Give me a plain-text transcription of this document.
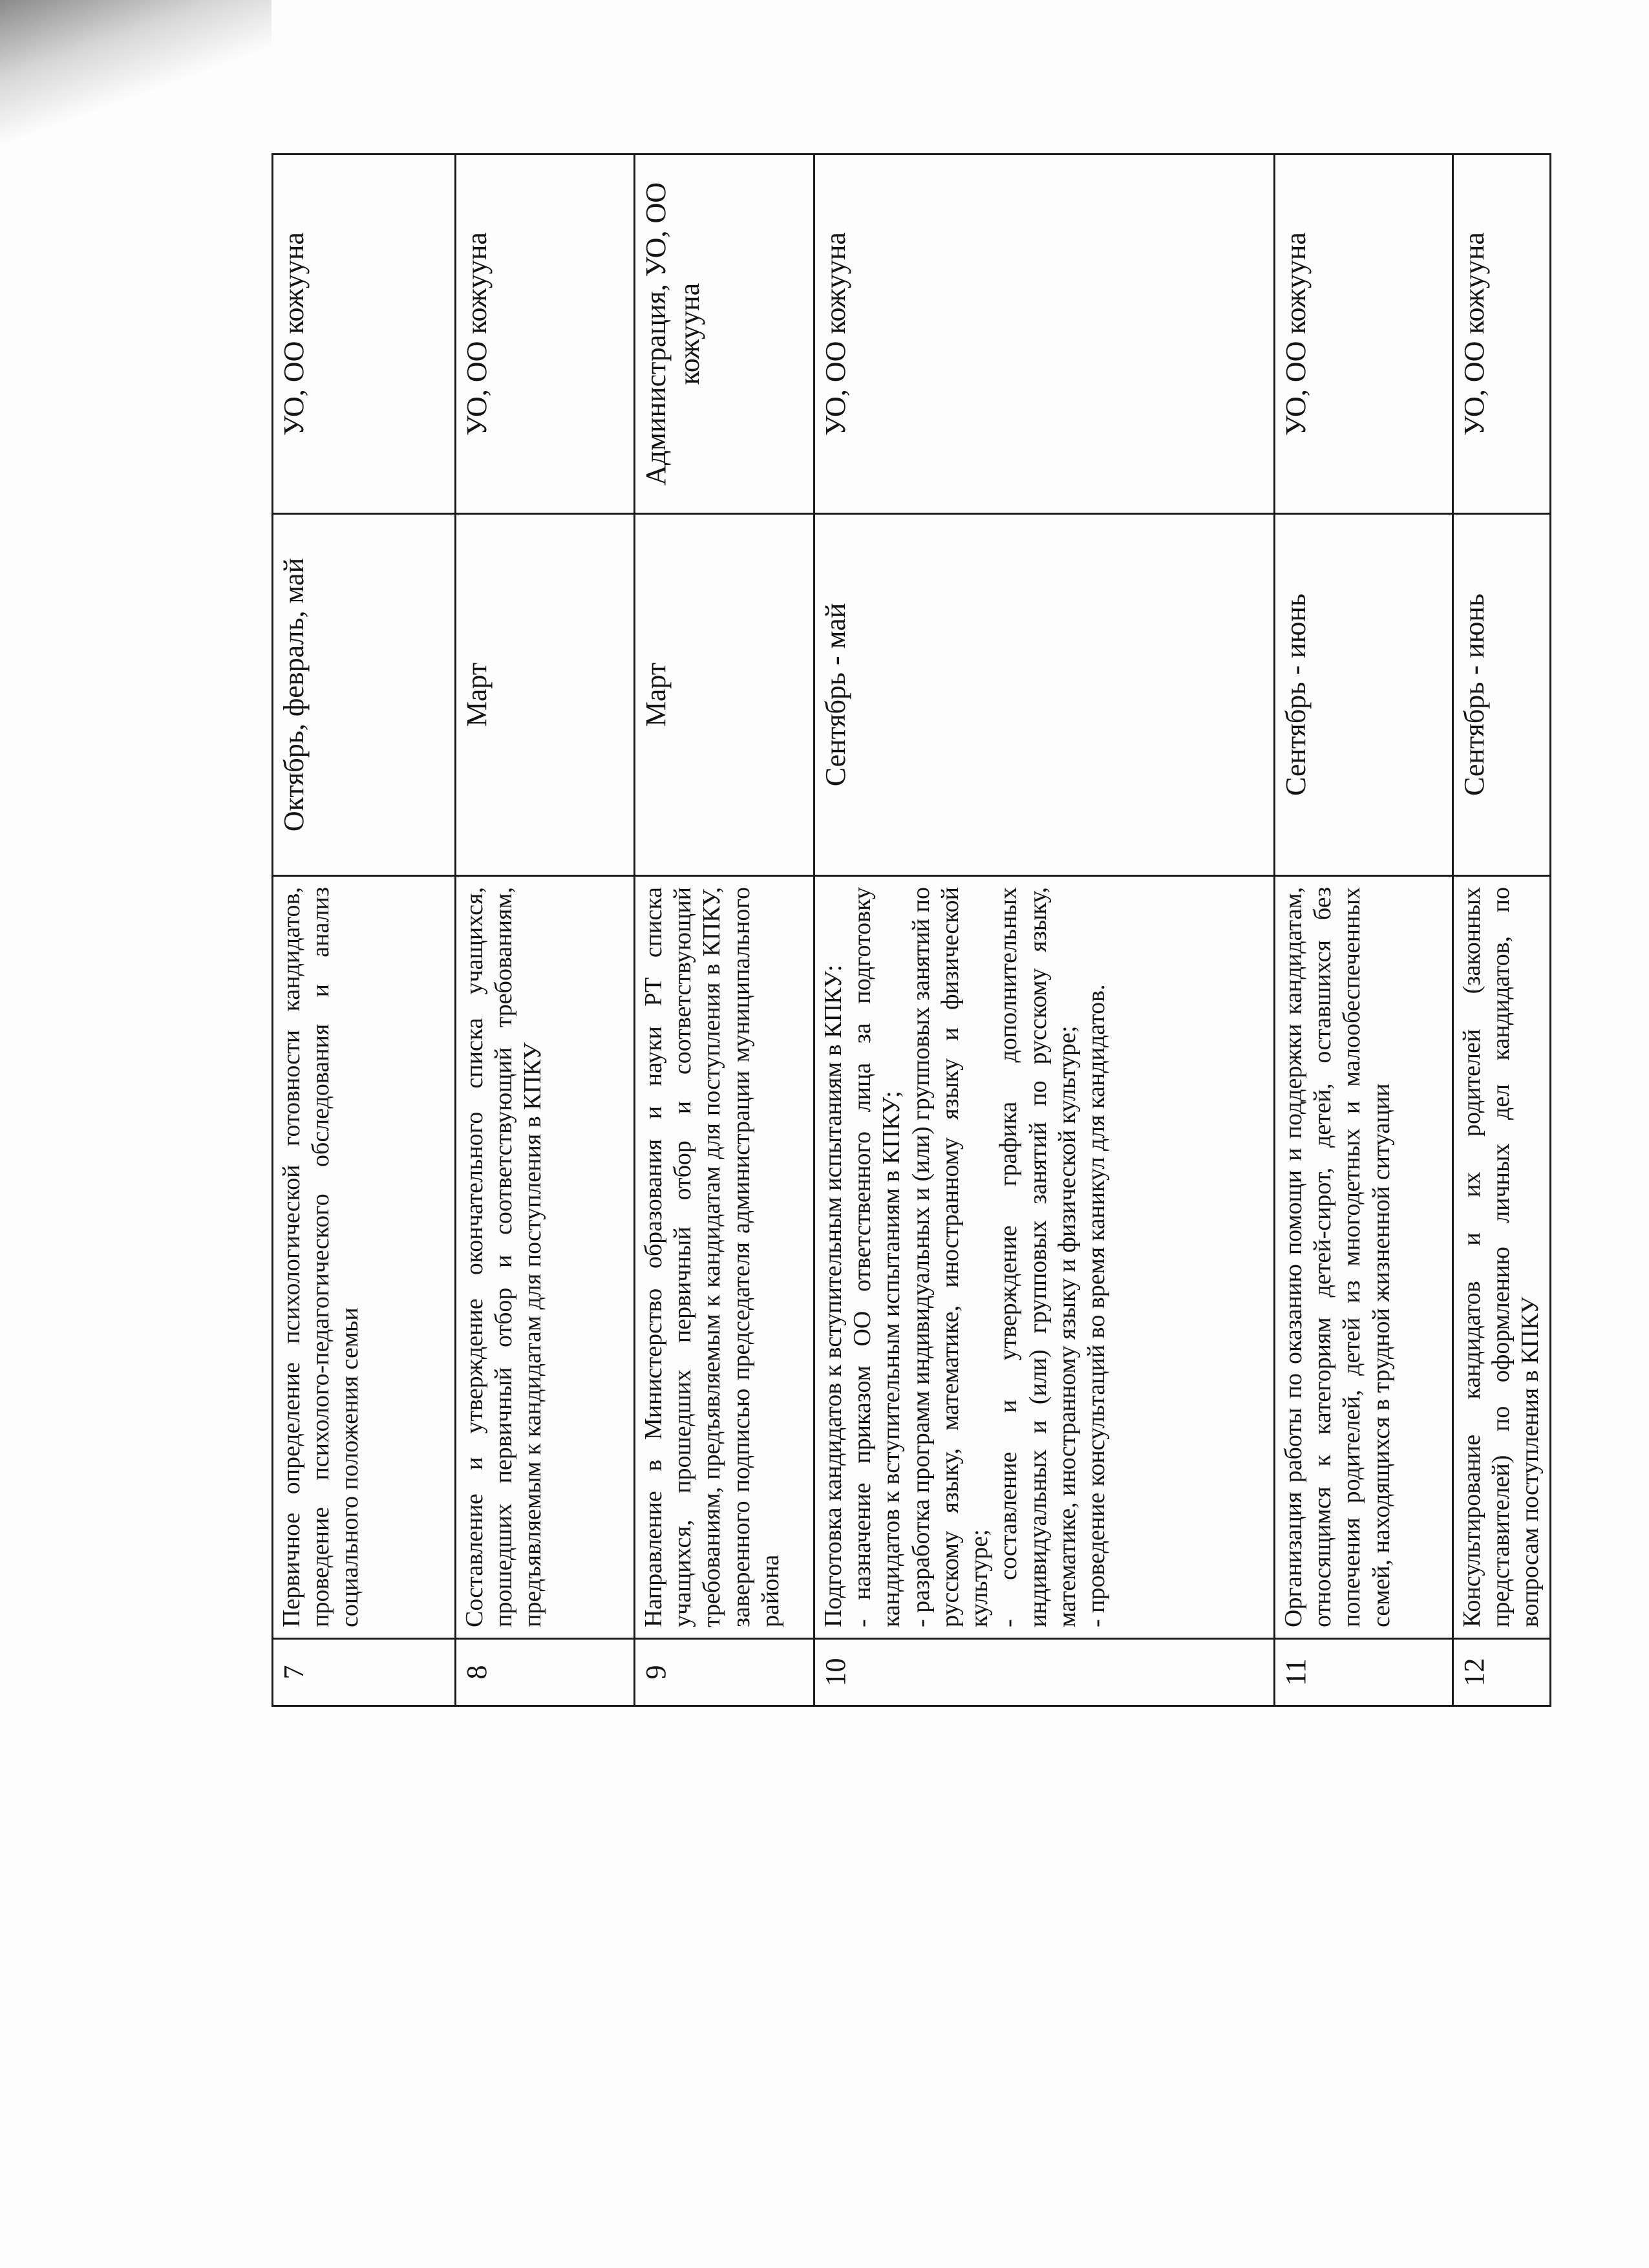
7	Первичное определение психологической готовности кандидатов, проведение психолого-педагогического обследования и анализ социального положения семьи	Октябрь, февраль, май	УО, ОО кожууна
8	Составление и утверждение окончательного списка учащихся, прошедших первичный отбор и соответствующий требованиям, предъявляемым к кандидатам для поступления в КПКУ	Март	УО, ОО кожууна
9	Направление в Министерство образования и науки РТ списка учащихся, прошедших первичный отбор и соответствующий требованиям, предъявляемым к кандидатам для поступления в КПКУ, заверенного подписью председателя администрации муниципального района	Март	Администрация, УО, ОО кожууна
10	Подготовка кандидатов к вступительным испытаниям в КПКУ: - назначение приказом ОО ответственного лица за подготовку кандидатов к вступительным испытаниям в КПКУ; - разработка программ индивидуальных и (или) групповых занятий по русскому языку, математике, иностранному языку и физической культуре; - составление и утверждение графика дополнительных индивидуальных и (или) групповых занятий по русскому языку, математике, иностранному языку и физической культуре; - проведение консультаций во время каникул для кандидатов.	Сентябрь - май	УО, ОО кожууна
11	Организация работы по оказанию помощи и поддержки кандидатам, относящимся к категориям детей-сирот, детей, оставшихся без попечения родителей, детей из многодетных и малообеспеченных семей, находящихся в трудной жизненной ситуации	Сентябрь - июнь	УО, ОО кожууна
12	Консультирование кандидатов и их родителей (законных представителей) по оформлению личных дел кандидатов, по вопросам поступления в КПКУ	Сентябрь - июнь	УО, ОО кожууна
